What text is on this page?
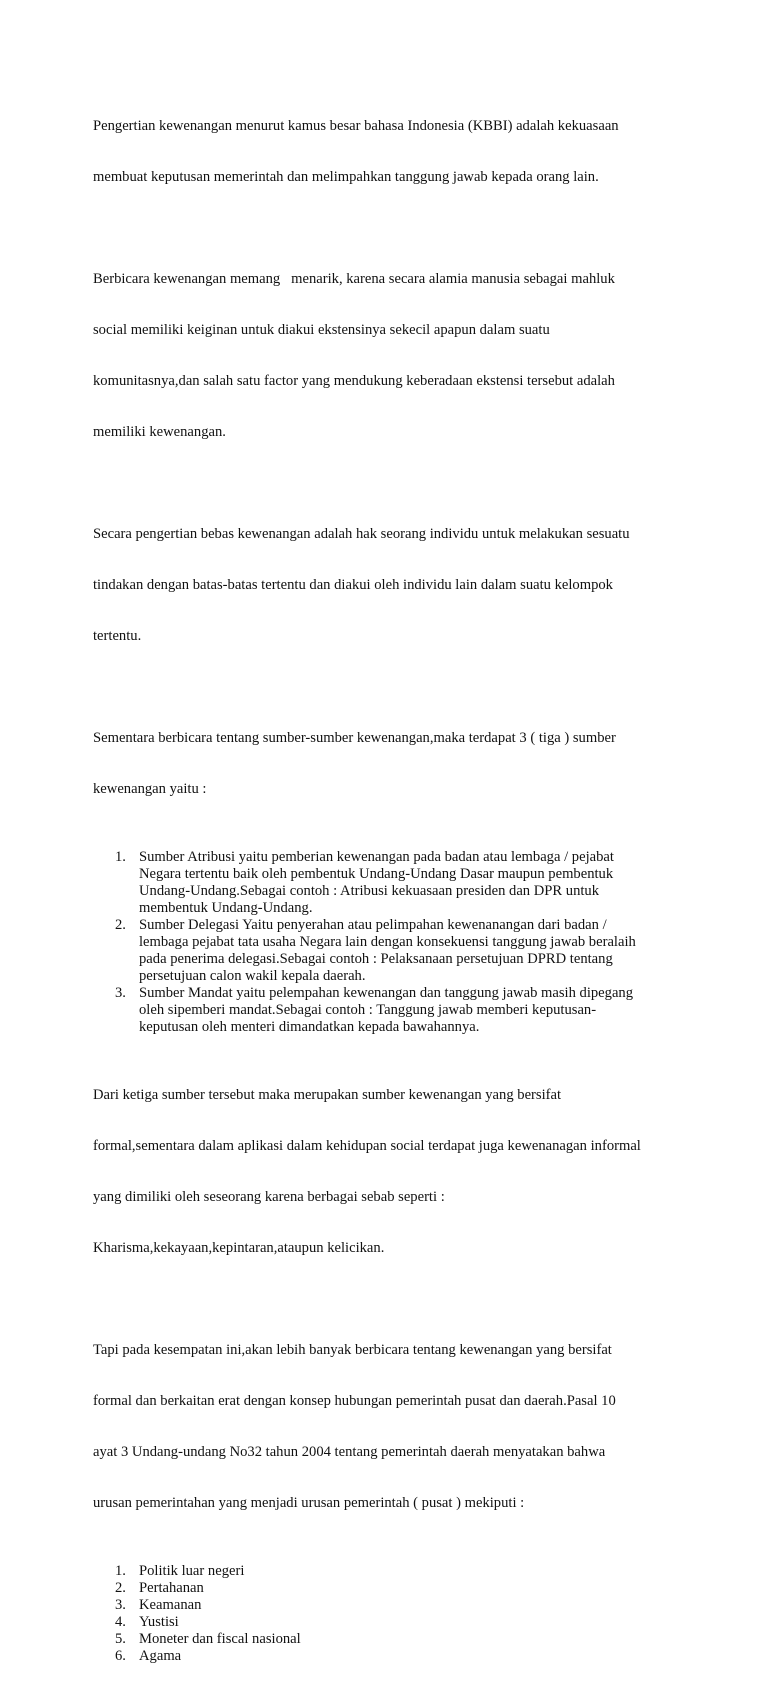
Pengertian kewenangan menurut kamus besar bahasa Indonesia (KBBI) adalah kekuasaan

membuat keputusan memerintah dan melimpahkan tanggung jawab kepada orang lain.

Berbicara kewenangan memang   menarik, karena secara alamia manusia sebagai mahluk

social memiliki keiginan untuk diakui ekstensinya sekecil apapun dalam suatu

komunitasnya,dan salah satu factor yang mendukung keberadaan ekstensi tersebut adalah

memiliki kewenangan.

Secara pengertian bebas kewenangan adalah hak seorang individu untuk melakukan sesuatu

tindakan dengan batas-batas tertentu dan diakui oleh individu lain dalam suatu kelompok

tertentu.

Sementara berbicara tentang sumber-sumber kewenangan,maka terdapat 3 ( tiga ) sumber

kewenangan yaitu :

1. Sumber Atribusi yaitu pemberian kewenangan pada badan atau lembaga / pejabat
Negara tertentu baik oleh pembentuk Undang-Undang Dasar maupun pembentuk
Undang-Undang.Sebagai contoh : Atribusi kekuasaan presiden dan DPR untuk
membentuk Undang-Undang.
2. Sumber Delegasi Yaitu penyerahan atau pelimpahan kewenanangan dari badan /
lembaga pejabat tata usaha Negara lain dengan konsekuensi tanggung jawab beralaih
pada penerima delegasi.Sebagai contoh : Pelaksanaan persetujuan DPRD tentang
persetujuan calon wakil kepala daerah.
3. Sumber Mandat yaitu pelempahan kewenangan dan tanggung jawab masih dipegang
oleh sipemberi mandat.Sebagai contoh : Tanggung jawab memberi keputusan-
keputusan oleh menteri dimandatkan kepada bawahannya.

Dari ketiga sumber tersebut maka merupakan sumber kewenangan yang bersifat

formal,sementara dalam aplikasi dalam kehidupan social terdapat juga kewenanagan informal

yang dimiliki oleh seseorang karena berbagai sebab seperti :

Kharisma,kekayaan,kepintaran,ataupun kelicikan.

Tapi pada kesempatan ini,akan lebih banyak berbicara tentang kewenangan yang bersifat

formal dan berkaitan erat dengan konsep hubungan pemerintah pusat dan daerah.Pasal 10

ayat 3 Undang-undang No32 tahun 2004 tentang pemerintah daerah menyatakan bahwa

urusan pemerintahan yang menjadi urusan pemerintah ( pusat ) mekiputi :

1. Politik luar negeri
2. Pertahanan
3. Keamanan
4. Yustisi
5. Moneter dan fiscal nasional
6. Agama
